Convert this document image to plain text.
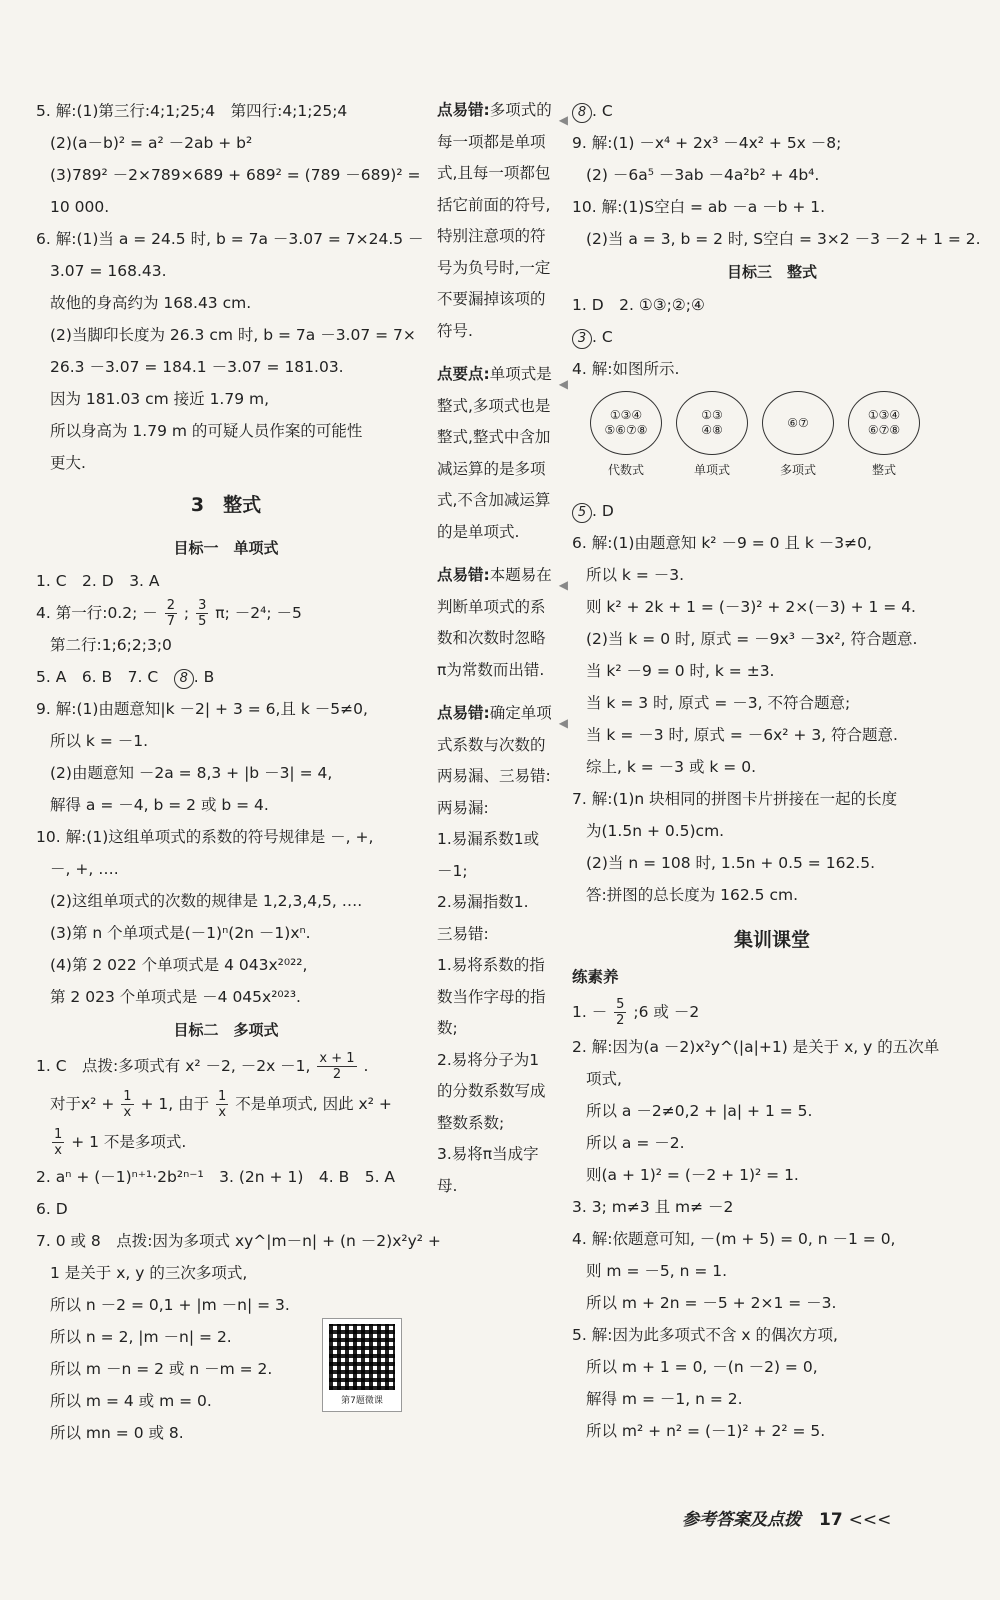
5. 解:(1)第三行:4;1;25;4　第四行:4;1;25;4
(2)(a－b)² = a² －2ab + b²
(3)789² －2×789×689 + 689² = (789 －689)² =
10 000.
6. 解:(1)当 a = 24.5 时, b = 7a －3.07 = 7×24.5 －
3.07 = 168.43.
故他的身高约为 168.43 cm.
(2)当脚印长度为 26.3 cm 时, b = 7a －3.07 = 7×
26.3 －3.07 = 184.1 －3.07 = 181.03.
因为 181.03 cm 接近 1.79 m,
所以身高为 1.79 m 的可疑人员作案的可能性
更大.
3　整式
目标一　单项式
1. C　2. D　3. A
4. 第一行:0.2; － $\frac{2}{7}$ ; $\frac{3}{5} \pi$; －2⁴; －5
第二行:1;6;2;3;0
5. A　6. B　7. C　8 . B
9. 解:(1)由题意知|k －2| + 3 = 6,且 k －5≠0,
所以 k = －1.
(2)由题意知 －2a = 8,3 + |b －3| = 4,
解得 a = －4, b = 2 或 b = 4.
10. 解:(1)这组单项式的系数的符号规律是 －, +,
－, +, ….
(2)这组单项式的次数的规律是 1,2,3,4,5, ….
(3)第 n 个单项式是(－1)ⁿ(2n －1)xⁿ.
(4)第 2 022 个单项式是 4 043x²⁰²²,
第 2 023 个单项式是 －4 045x²⁰²³.
目标二　多项式
1. C　点拨:多项式有 x² －2, －2x －1, $\frac{x + 1}{2}$ .
对于$x^2 + \frac{1}{x} + 1$, 由于 $\frac{1}{x}$ 不是单项式, 因此 x² +
$\frac{1}{x} + 1$ 不是多项式.
2. aⁿ + (－1)ⁿ⁺¹·2b²ⁿ⁻¹　3. (2n + 1)　4. B　5. A
6. D
7. 0 或 8　点拨:因为多项式 xy^|m－n| + (n －2)x²y² +
1 是关于 x, y 的三次多项式,
所以 n －2 = 0,1 + |m －n| = 3.
所以 n = 2, |m －n| = 2.
所以 m －n = 2 或 n －m = 2.
所以 m = 4 或 m = 0.
所以 mn = 0 或 8.
第7题微课
点易错:多项式的每一项都是单项式,且每一项都包括它前面的符号,特别注意项的符号为负号时,一定不要漏掉该项的符号.
◀
点要点:单项式是整式,多项式也是整式,整式中含加减运算的是多项式,不含加减运算的是单项式.
◀
点易错:本题易在判断单项式的系数和次数时忽略π为常数而出错.
◀
点易错:确定单项式系数与次数的两易漏、三易错:
◀
两易漏:
1.易漏系数1或－1;
2.易漏指数1.
三易错:
1.易将系数的指数当作字母的指数;
2.易将分子为1的分数系数写成整数系数;
3.易将π当成字母.
8 . C
9. 解:(1) －x⁴ + 2x³ －4x² + 5x －8;
(2) －6a⁵ －3ab －4a²b² + 4b⁴.
10. 解:(1)S空白 = ab －a －b + 1.
(2)当 a = 3, b = 2 时, S空白 = 3×2 －3 －2 + 1 = 2.
目标三　整式
1. D　2. ①③;②;④
3 . C
4. 解:如图所示.
①③④
⑤⑥⑦⑧
代数式
①③
④⑧
单项式
⑥⑦
多项式
①③④
⑥⑦⑧
整式
5 . D
6. 解:(1)由题意知 k² －9 = 0 且 k －3≠0,
所以 k = －3.
则 k² + 2k + 1 = (－3)² + 2×(－3) + 1 = 4.
(2)当 k = 0 时, 原式 = －9x³ －3x², 符合题意.
当 k² －9 = 0 时, k = ±3.
当 k = 3 时, 原式 = －3, 不符合题意;
当 k = －3 时, 原式 = －6x² + 3, 符合题意.
综上, k = －3 或 k = 0.
7. 解:(1)n 块相同的拼图卡片拼接在一起的长度
为(1.5n + 0.5)cm.
(2)当 n = 108 时, 1.5n + 0.5 = 162.5.
答:拼图的总长度为 162.5 cm.
集训课堂
练素养
1. － $\frac{5}{2}$ ;6 或 －2
2. 解:因为(a －2)x²y^(|a|+1) 是关于 x, y 的五次单
项式,
所以 a －2≠0,2 + |a| + 1 = 5.
所以 a = －2.
则(a + 1)² = (－2 + 1)² = 1.
3. 3; m≠3 且 m≠ －2
4. 解:依题意可知, －(m + 5) = 0, n －1 = 0,
则 m = －5, n = 1.
所以 m + 2n = －5 + 2×1 = －3.
5. 解:因为此多项式不含 x 的偶次方项,
所以 m + 1 = 0, －(n －2) = 0,
解得 m = －1, n = 2.
所以 m² + n² = (－1)² + 2² = 5.
参考答案及点拨 17 <<<
